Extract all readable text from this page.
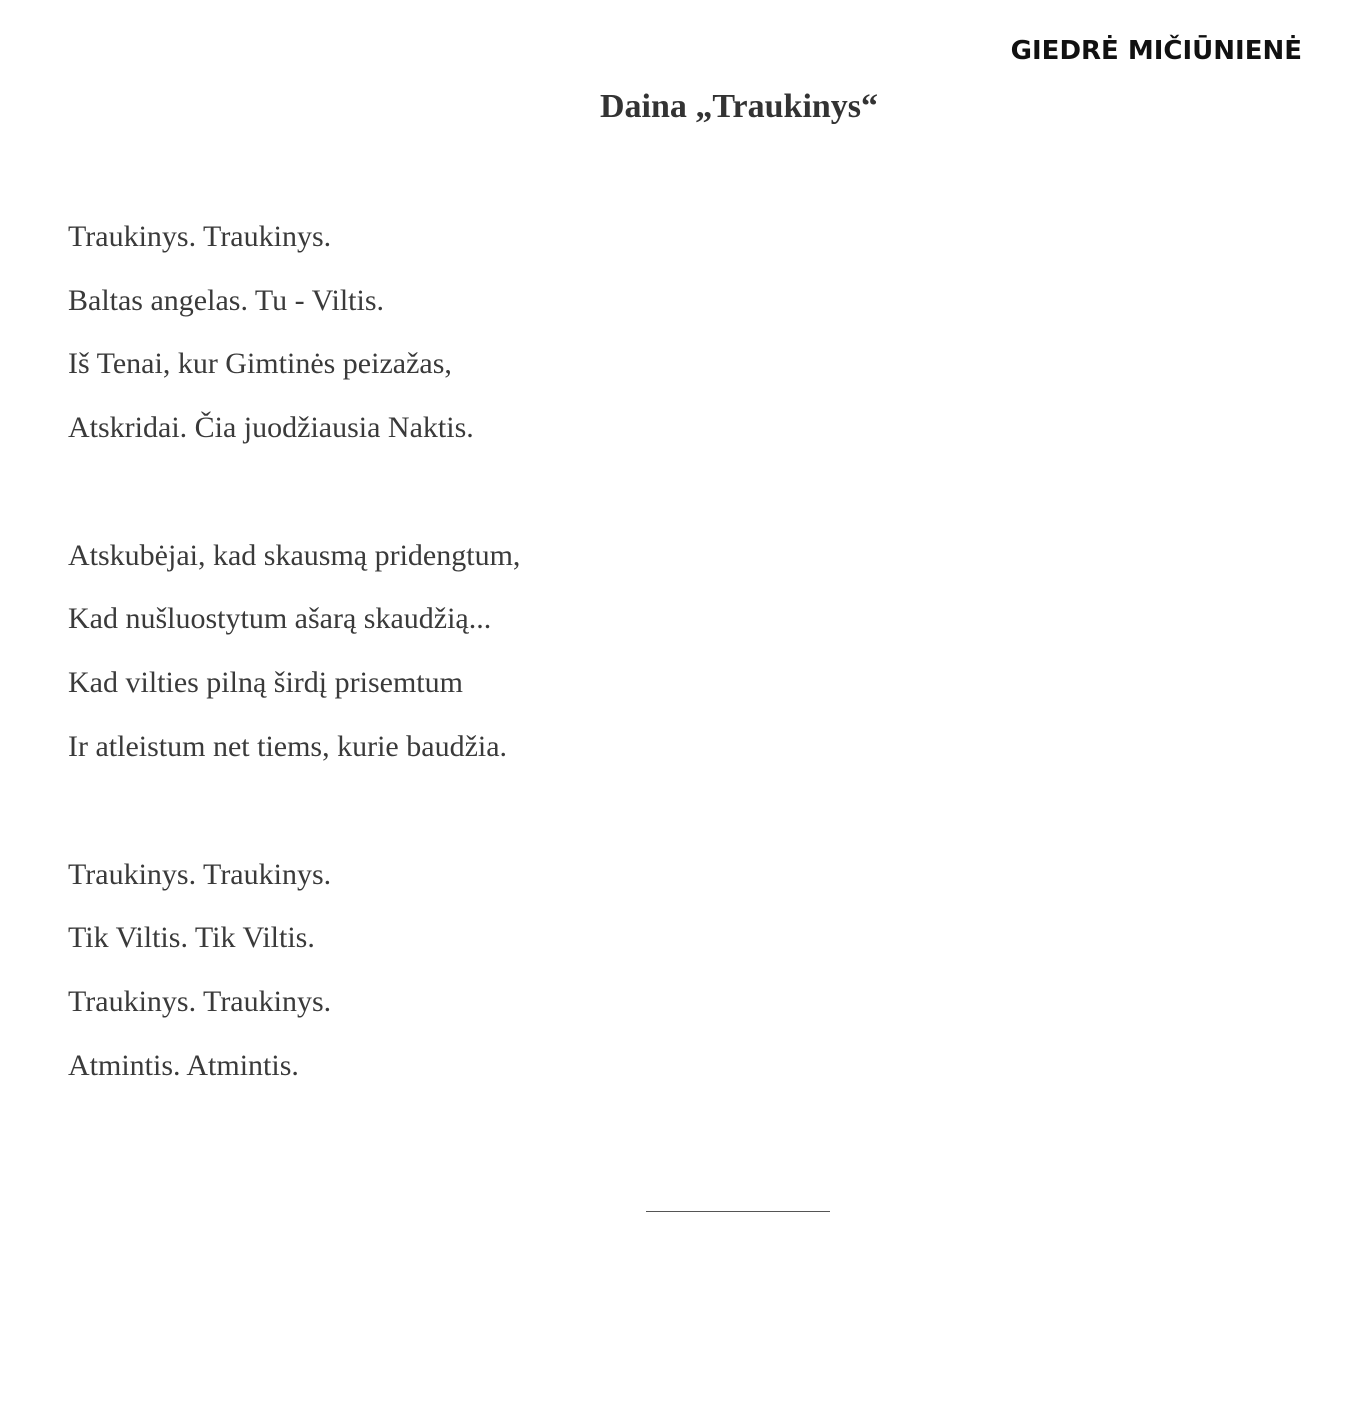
GIEDRĖ MIČIŪNIENĖ
Daina „Traukinys“
Traukinys. Traukinys.
Baltas angelas. Tu - Viltis.
Iš Tenai, kur Gimtinės peizažas,
Atskridai. Čia juodžiausia Naktis.
Atskubėjai, kad skausmą pridengtum,
Kad nušluostytum ašarą skaudžią...
Kad vilties pilną širdį prisemtum
Ir atleistum net tiems, kurie baudžia.
Traukinys. Traukinys.
Tik Viltis. Tik Viltis.
Traukinys. Traukinys.
Atmintis. Atmintis.
